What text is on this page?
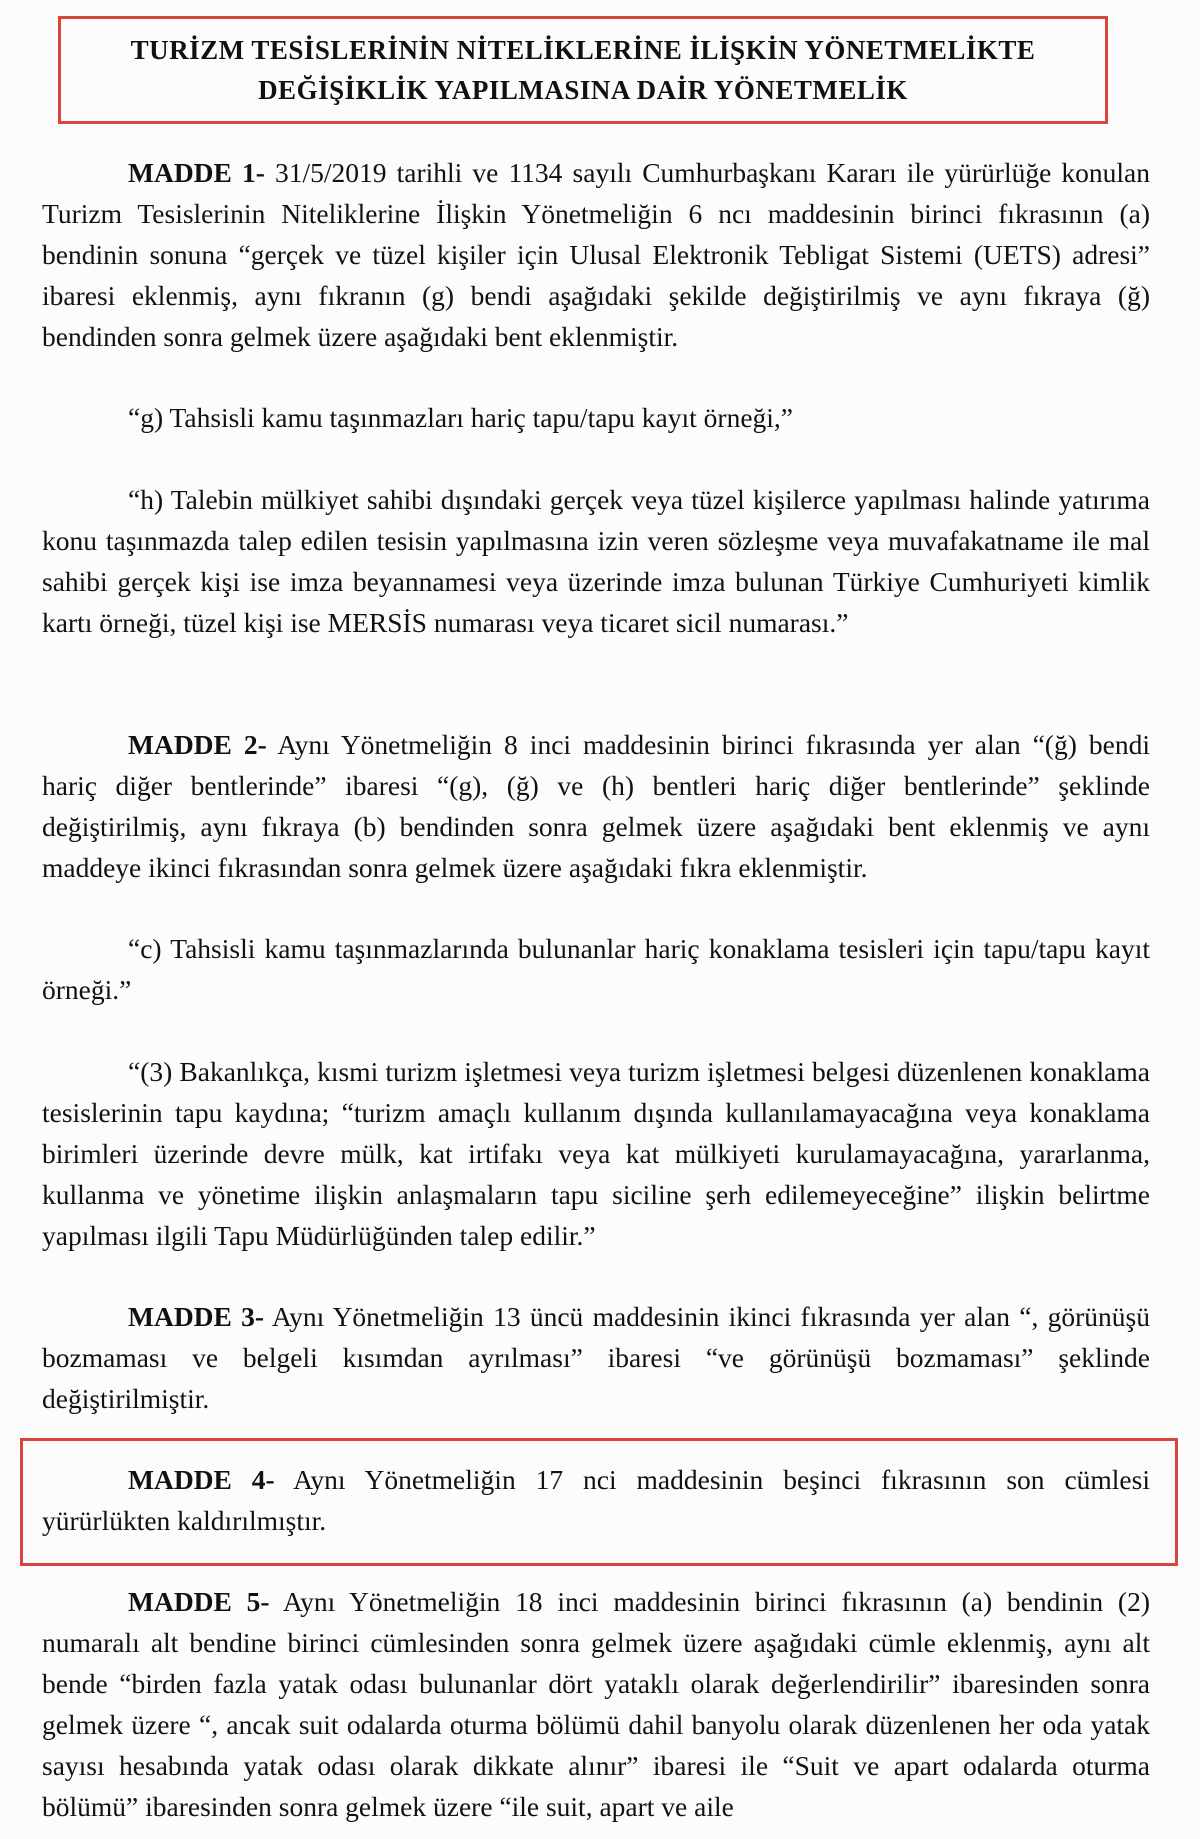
TURİZM TESİSLERİNİN NİTELİKLERİNE İLİŞKİN YÖNETMELİKTE
DEĞİŞİKLİK YAPILMASINA DAİR YÖNETMELİK

MADDE 1- 31/5/2019 tarihli ve 1134 sayılı Cumhurbaşkanı Kararı ile yürürlüğe konulan Turizm Tesislerinin Niteliklerine İlişkin Yönetmeliğin 6 ncı maddesinin birinci fıkrasının (a) bendinin sonuna “gerçek ve tüzel kişiler için Ulusal Elektronik Tebligat Sistemi (UETS) adresi” ibaresi eklenmiş, aynı fıkranın (g) bendi aşağıdaki şekilde değiştirilmiş ve aynı fıkraya (ğ) bendinden sonra gelmek üzere aşağıdaki bent eklenmiştir.

“g) Tahsisli kamu taşınmazları hariç tapu/tapu kayıt örneği,”

“h) Talebin mülkiyet sahibi dışındaki gerçek veya tüzel kişilerce yapılması halinde yatırıma konu taşınmazda talep edilen tesisin yapılmasına izin veren sözleşme veya muvafakatname ile mal sahibi gerçek kişi ise imza beyannamesi veya üzerinde imza bulunan Türkiye Cumhuriyeti kimlik kartı örneği, tüzel kişi ise MERSİS numarası veya ticaret sicil numarası.”

MADDE 2- Aynı Yönetmeliğin 8 inci maddesinin birinci fıkrasında yer alan “(ğ) bendi hariç diğer bentlerinde” ibaresi “(g), (ğ) ve (h) bentleri hariç diğer bentlerinde” şeklinde değiştirilmiş, aynı fıkraya (b) bendinden sonra gelmek üzere aşağıdaki bent eklenmiş ve aynı maddeye ikinci fıkrasından sonra gelmek üzere aşağıdaki fıkra eklenmiştir.

“c) Tahsisli kamu taşınmazlarında bulunanlar hariç konaklama tesisleri için tapu/tapu kayıt örneği.”

“(3) Bakanlıkça, kısmi turizm işletmesi veya turizm işletmesi belgesi düzenlenen konaklama tesislerinin tapu kaydına; “turizm amaçlı kullanım dışında kullanılamayacağına veya konaklama birimleri üzerinde devre mülk, kat irtifakı veya kat mülkiyeti kurulamayacağına, yararlanma, kullanma ve yönetime ilişkin anlaşmaların tapu siciline şerh edilemeyeceğine” ilişkin belirtme yapılması ilgili Tapu Müdürlüğünden talep edilir.”

MADDE 3- Aynı Yönetmeliğin 13 üncü maddesinin ikinci fıkrasında yer alan “, görünüşü bozmaması ve belgeli kısımdan ayrılması” ibaresi “ve görünüşü bozmaması” şeklinde değiştirilmiştir.

MADDE 4- Aynı Yönetmeliğin 17 nci maddesinin beşinci fıkrasının son cümlesi yürürlükten kaldırılmıştır.

MADDE 5- Aynı Yönetmeliğin 18 inci maddesinin birinci fıkrasının (a) bendinin (2) numaralı alt bendine birinci cümlesinden sonra gelmek üzere aşağıdaki cümle eklenmiş, aynı alt bende “birden fazla yatak odası bulunanlar dört yataklı olarak değerlendirilir” ibaresinden sonra gelmek üzere “, ancak suit odalarda oturma bölümü dahil banyolu olarak düzenlenen her oda yatak sayısı hesabında yatak odası olarak dikkate alınır” ibaresi ile “Suit ve apart odalarda oturma bölümü” ibaresinden sonra gelmek üzere “ile suit, apart ve aile
